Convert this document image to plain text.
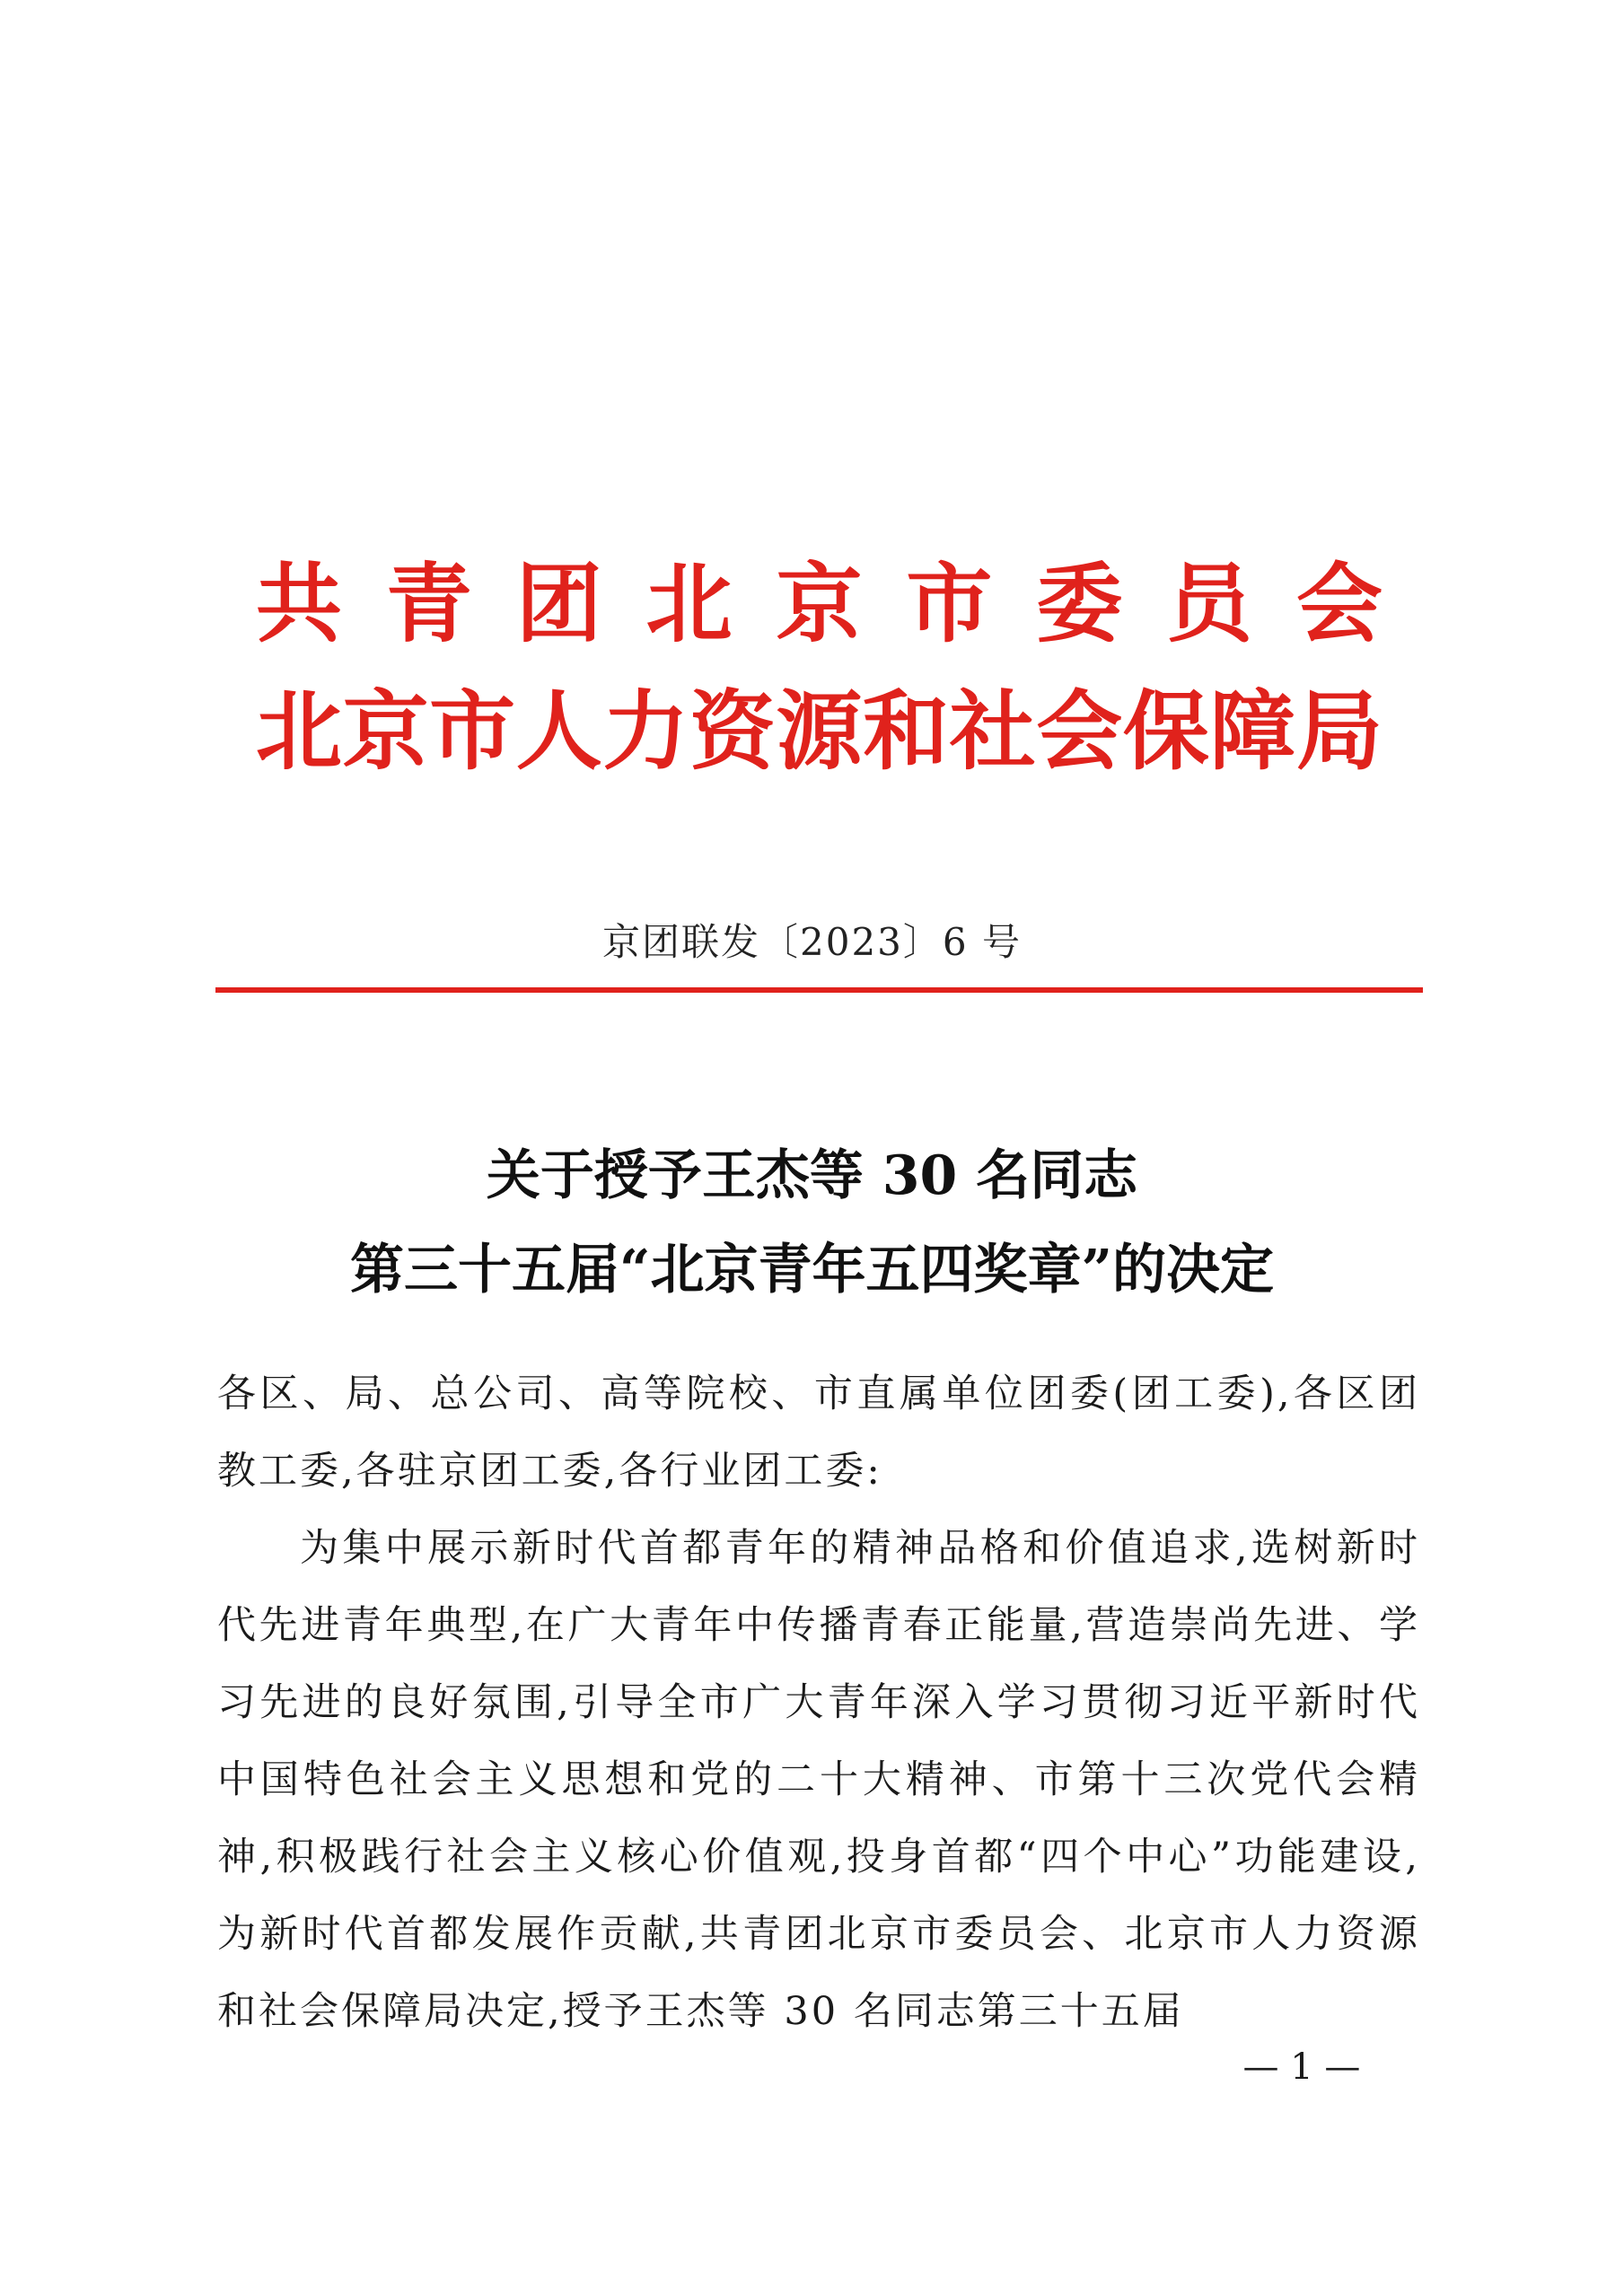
共青团北京市委员会
北京市人力资源和社会保障局
京团联发〔2023〕6 号
关于授予王杰等 30 名同志
第三十五届“北京青年五四奖章”的决定
各区、局、总公司、高等院校、市直属单位团委(团工委),各区团教工委,各驻京团工委,各行业团工委:
为集中展示新时代首都青年的精神品格和价值追求,选树新时代先进青年典型,在广大青年中传播青春正能量,营造崇尚先进、学习先进的良好氛围,引导全市广大青年深入学习贯彻习近平新时代中国特色社会主义思想和党的二十大精神、市第十三次党代会精神,积极践行社会主义核心价值观,投身首都“四个中心”功能建设,为新时代首都发展作贡献,共青团北京市委员会、北京市人力资源和社会保障局决定,授予王杰等 30 名同志第三十五届
— 1 —
